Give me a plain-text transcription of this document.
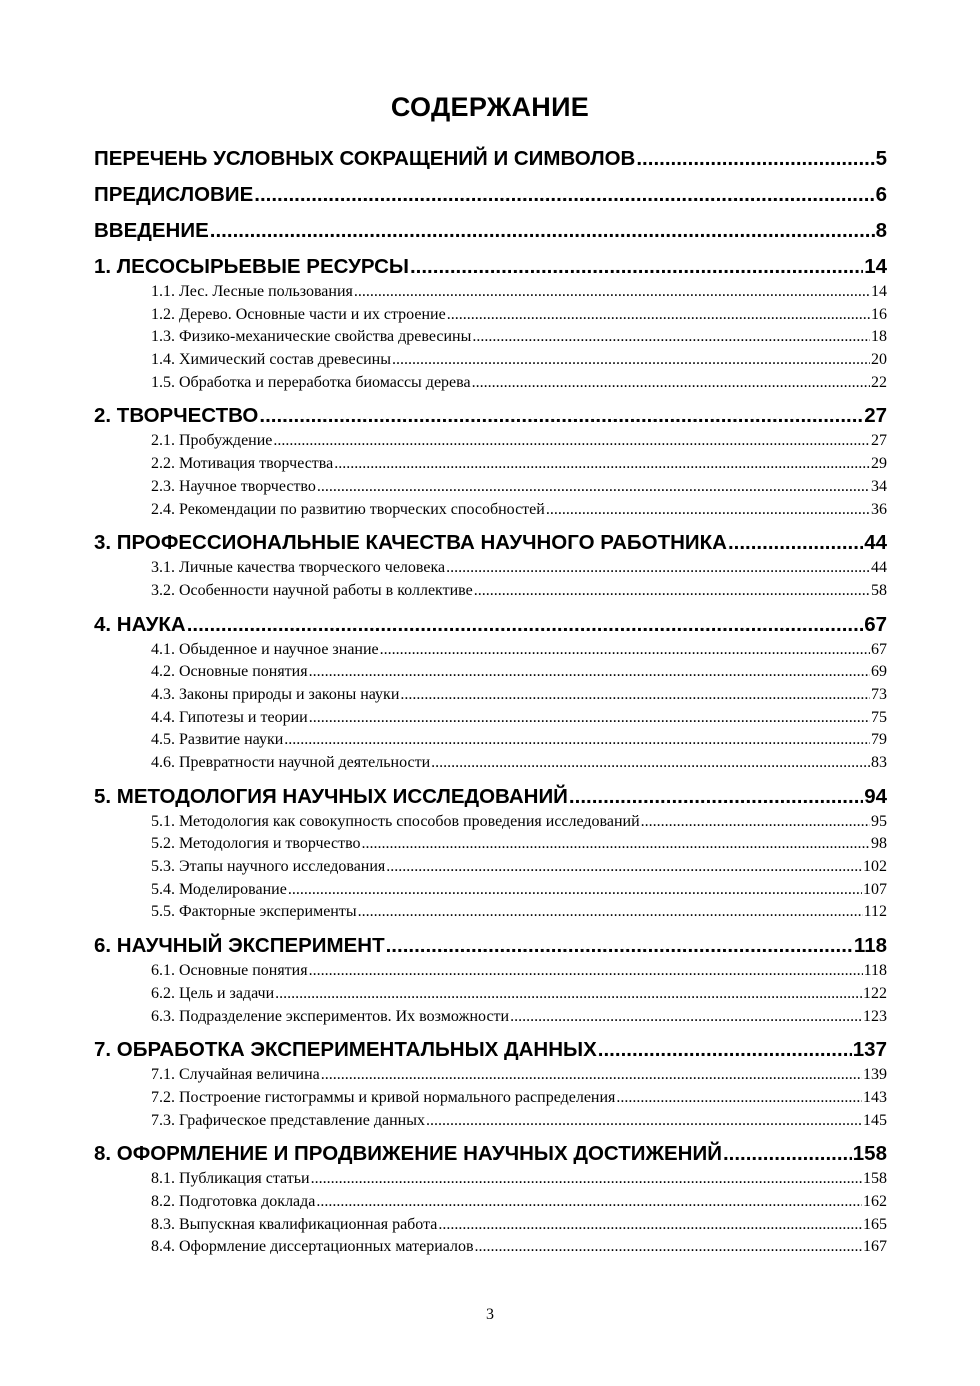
СОДЕРЖАНИЕ
ПЕРЕЧЕНЬ УСЛОВНЫХ СОКРАЩЕНИЙ И СИМВОЛОВ .....	5
ПРЕДИСЛОВИЕ .....	6
ВВЕДЕНИЕ .....	8
1. ЛЕСОСЫРЬЕВЫЕ РЕСУРСЫ .....	14
1.1. Лес. Лесные пользования .....	14
1.2. Дерево. Основные части и их строение .....	16
1.3. Физико-механические свойства древесины .....	18
1.4. Химический состав древесины .....	20
1.5. Обработка и переработка биомассы дерева .....	22
2. ТВОРЧЕСТВО .....	27
2.1. Пробуждение .....	27
2.2. Мотивация творчества .....	29
2.3. Научное творчество .....	34
2.4. Рекомендации по развитию творческих способностей .....	36
3. ПРОФЕССИОНАЛЬНЫЕ КАЧЕСТВА НАУЧНОГО РАБОТНИКА .....	44
3.1. Личные качества творческого человека .....	44
3.2. Особенности научной работы в коллективе .....	58
4. НАУКА .....	67
4.1. Обыденное и научное знание .....	67
4.2. Основные понятия .....	69
4.3. Законы природы и законы науки .....	73
4.4. Гипотезы и теории .....	75
4.5. Развитие науки .....	79
4.6. Превратности научной деятельности .....	83
5. МЕТОДОЛОГИЯ НАУЧНЫХ ИССЛЕДОВАНИЙ .....	94
5.1. Методология как совокупность способов проведения исследований .....	95
5.2. Методология и творчество .....	98
5.3. Этапы научного исследования .....	102
5.4. Моделирование .....	107
5.5. Факторные эксперименты .....	112
6. НАУЧНЫЙ ЭКСПЕРИМЕНТ .....	118
6.1. Основные понятия .....	118
6.2. Цель и задачи .....	122
6.3. Подразделение экспериментов. Их возможности .....	123
7. ОБРАБОТКА ЭКСПЕРИМЕНТАЛЬНЫХ ДАННЫХ .....	137
7.1. Случайная величина .....	139
7.2. Построение гистограммы и кривой нормального распределения .....	143
7.3. Графическое представление данных .....	145
8. ОФОРМЛЕНИЕ И ПРОДВИЖЕНИЕ НАУЧНЫХ ДОСТИЖЕНИЙ .....	158
8.1. Публикация статьи .....	158
8.2. Подготовка доклада .....	162
8.3. Выпускная квалификационная работа .....	165
8.4. Оформление диссертационных материалов .....	167
3
